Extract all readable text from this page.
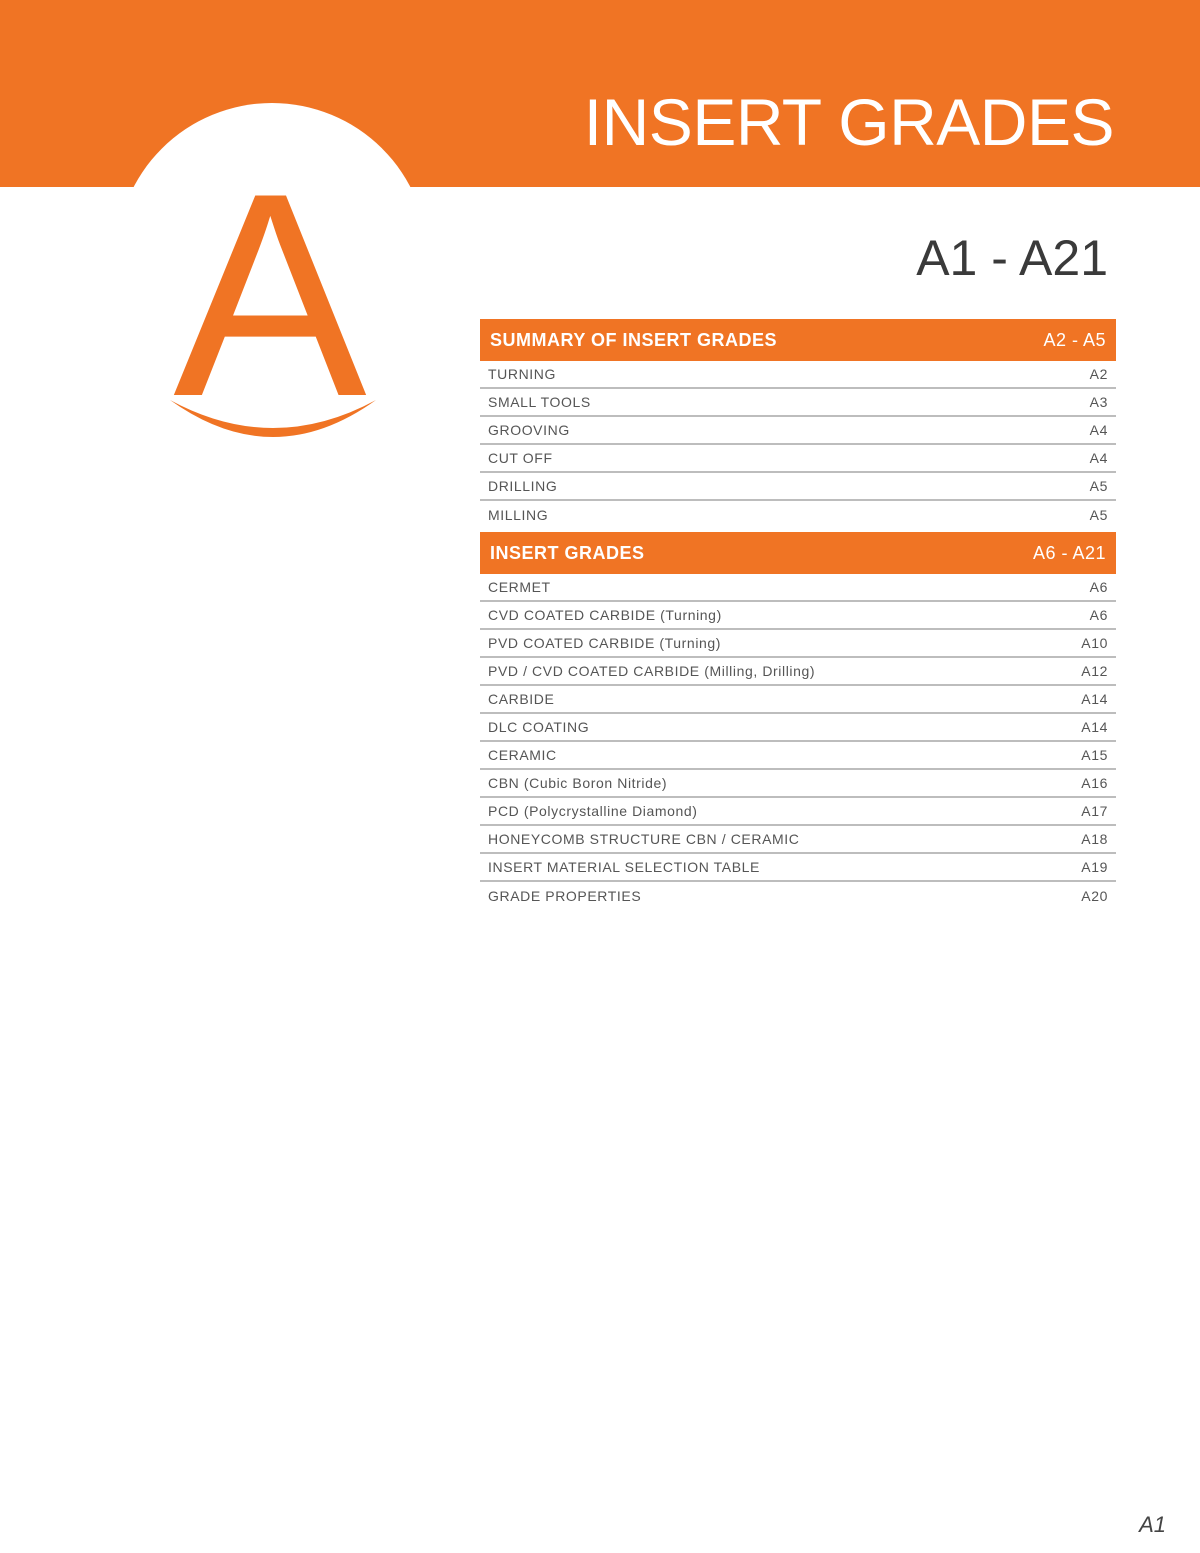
A
INSERT GRADES
A1 - A21
SUMMARY OF INSERT GRADES	A2 - A5
TURNING	A2
SMALL TOOLS	A3
GROOVING	A4
CUT OFF	A4
DRILLING	A5
MILLING	A5
INSERT GRADES	A6 - A21
CERMET	A6
CVD COATED CARBIDE (Turning)	A6
PVD COATED CARBIDE (Turning)	A10
PVD / CVD COATED CARBIDE (Milling, Drilling)	A12
CARBIDE	A14
DLC COATING	A14
CERAMIC	A15
CBN (Cubic Boron Nitride)	A16
PCD (Polycrystalline Diamond)	A17
HONEYCOMB STRUCTURE CBN / CERAMIC	A18
INSERT MATERIAL SELECTION TABLE	A19
GRADE PROPERTIES	A20
A1
